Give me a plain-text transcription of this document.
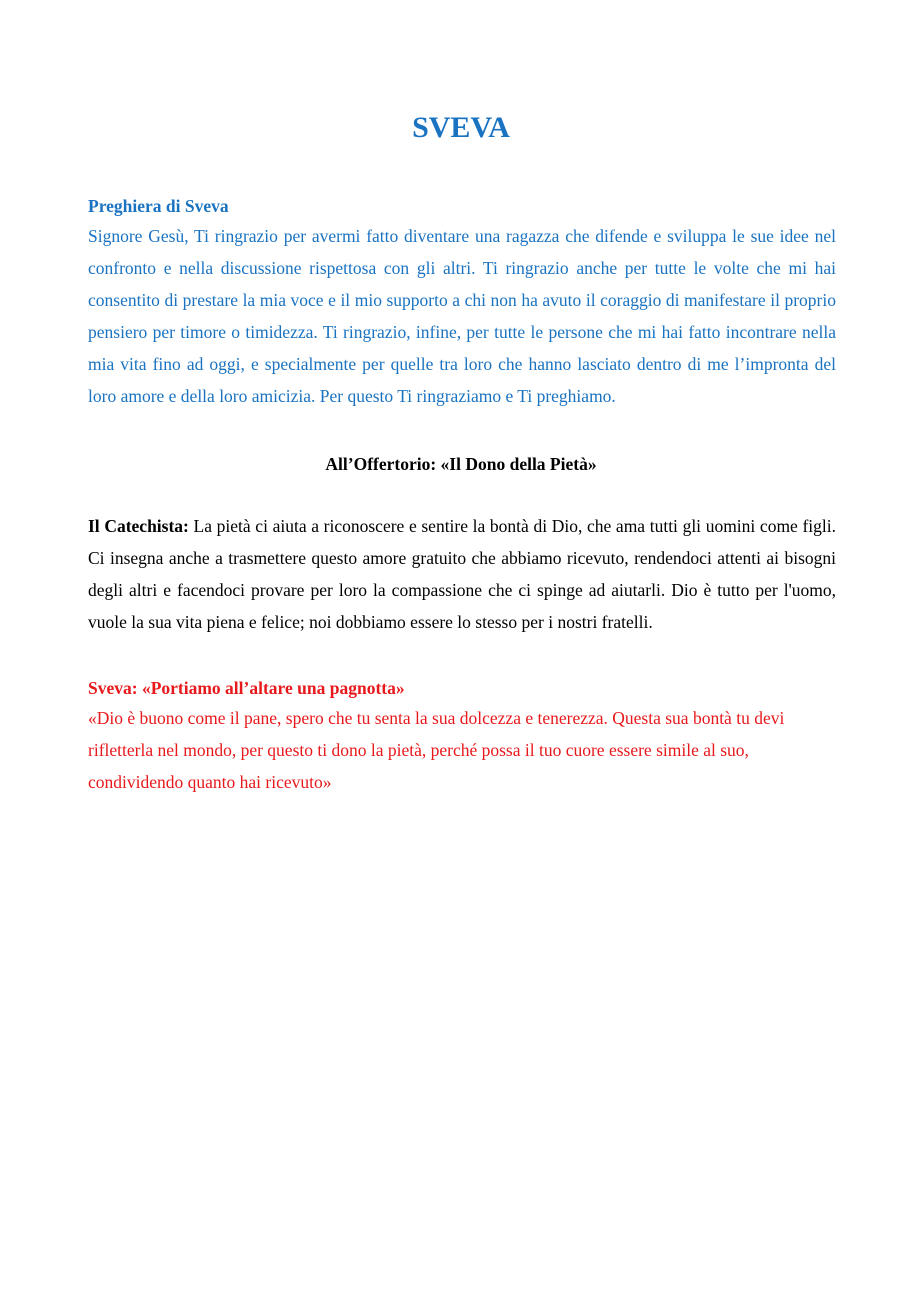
SVEVA

Preghiera di Sveva

Signore Gesù, Ti ringrazio per avermi fatto diventare una ragazza che difende e sviluppa le sue idee nel confronto e nella discussione rispettosa con gli altri. Ti ringrazio anche per tutte le volte che mi hai consentito di prestare la mia voce e il mio supporto a chi non ha avuto il coraggio di manifestare il proprio pensiero per timore o timidezza. Ti ringrazio, infine, per tutte le persone che mi hai fatto incontrare nella mia vita fino ad oggi, e specialmente per quelle tra loro che hanno lasciato dentro di me l’impronta del loro amore e della loro amicizia. Per questo Ti ringraziamo e Ti preghiamo.

All’Offertorio: «Il Dono della Pietà»

Il Catechista: La pietà ci aiuta a riconoscere e sentire la bontà di Dio, che ama tutti gli uomini come figli. Ci insegna anche a trasmettere questo amore gratuito che abbiamo ricevuto, rendendoci attenti ai bisogni degli altri e facendoci provare per loro la compassione che ci spinge ad aiutarli. Dio è tutto per l'uomo, vuole la sua vita piena e felice; noi dobbiamo essere lo stesso per i nostri fratelli.

Sveva: «Portiamo all’altare una pagnotta»

«Dio è buono come il pane, spero che tu senta la sua dolcezza e tenerezza. Questa sua bontà tu devi
rifletterla nel mondo, per questo ti dono la pietà, perché possa il tuo cuore essere simile al suo,
condividendo quanto hai ricevuto»
